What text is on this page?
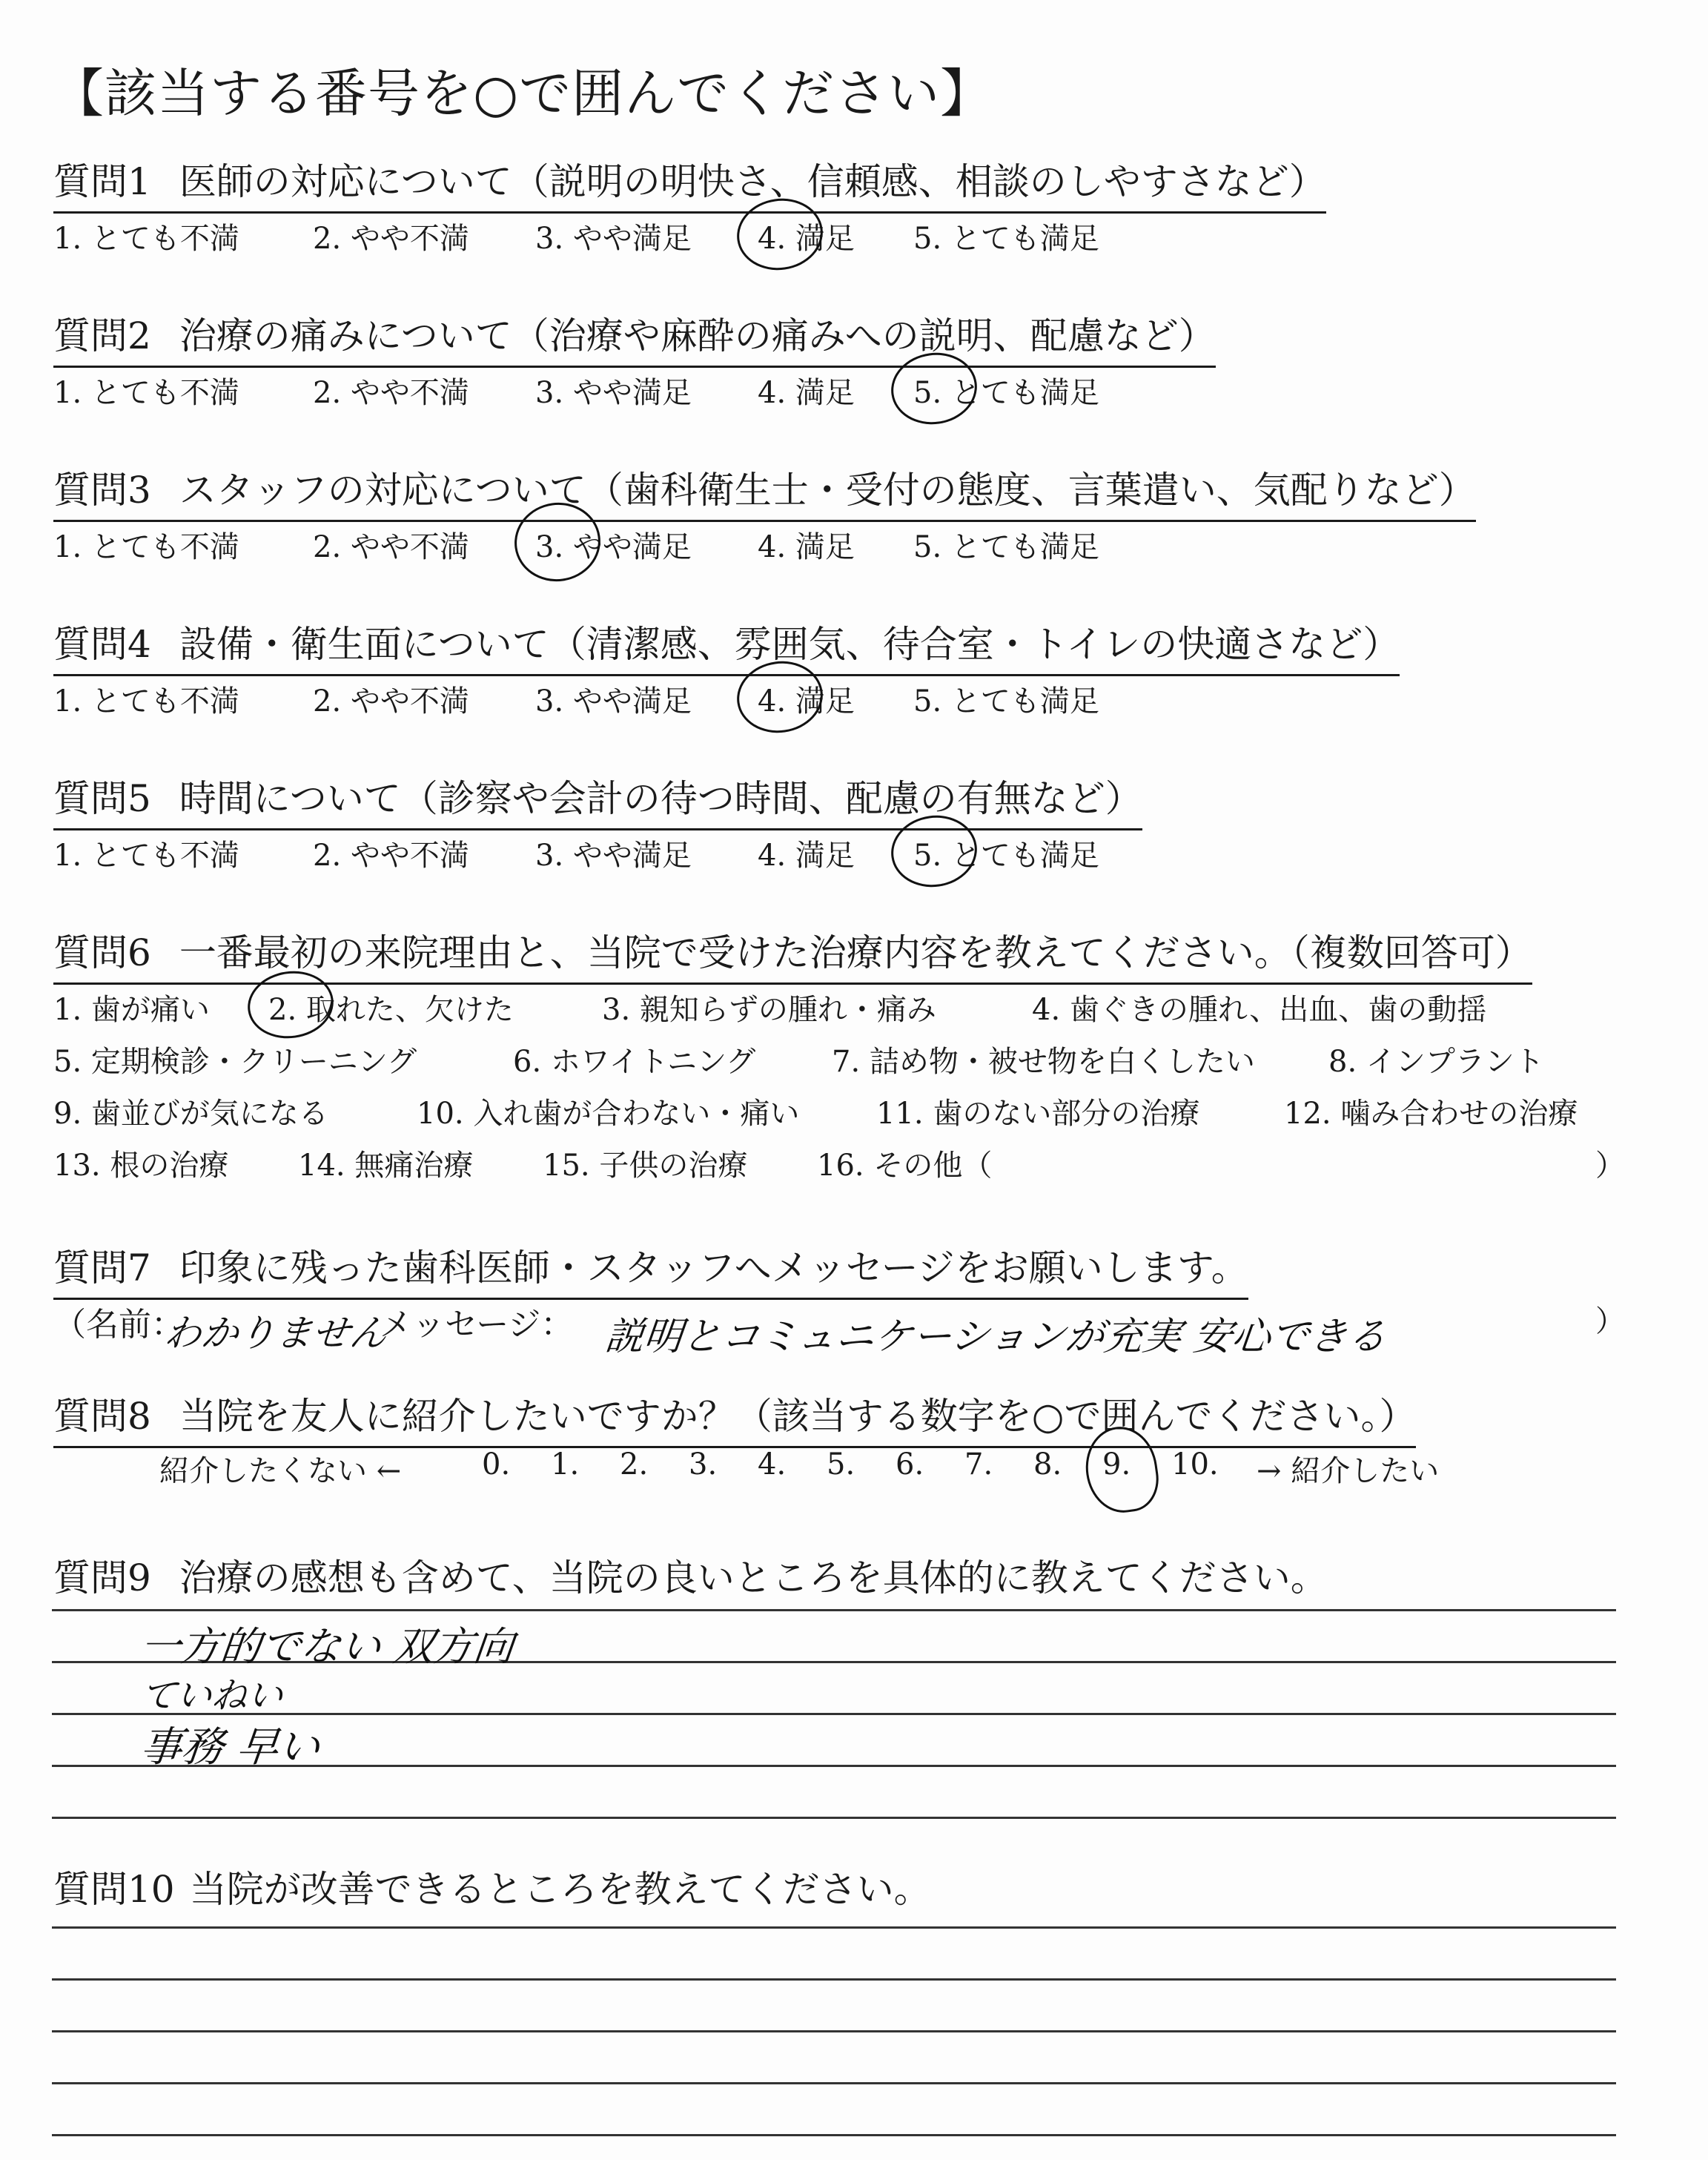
【該当する番号を○で囲んでください】
質問1 医師の対応について（説明の明快さ、信頼感、相談のしやすさなど）
1. とても不満 2. やや不満 3. やや満足 4. 満足 5. とても満足
質問2 治療の痛みについて（治療や麻酔の痛みへの説明、配慮など）
1. とても不満 2. やや不満 3. やや満足 4. 満足 5. とても満足
質問3 スタッフの対応について（歯科衛生士・受付の態度、言葉遣い、気配りなど）
1. とても不満 2. やや不満 3. やや満足 4. 満足 5. とても満足
質問4 設備・衛生面について（清潔感、雰囲気、待合室・トイレの快適さなど）
1. とても不満 2. やや不満 3. やや満足 4. 満足 5. とても満足
質問5 時間について（診察や会計の待つ時間、配慮の有無など）
1. とても不満 2. やや不満 3. やや満足 4. 満足 5. とても満足
質問6 一番最初の来院理由と、当院で受けた治療内容を教えてください。（複数回答可）
1. 歯が痛い 2. 取れた、欠けた	3. 親知らずの腫れ・痛み	4. 歯ぐきの腫れ、出血、歯の動揺
5. 定期検診・クリーニング	6. ホワイトニング	7. 詰め物・被せ物を白くしたい 8. インプラント
9. 歯並びが気になる	10. 入れ歯が合わない・痛い	11. 歯のない部分の治療	12. 噛み合わせの治療
13. 根の治療 14. 無痛治療 15. 子供の治療 16. その他（	）
質問7 印象に残った歯科医師・スタッフへメッセージをお願いします。
（名前：
わかりません
メッセージ： 説明とコミュニケーションが充実 安心できる	）
質問8 当院を友人に紹介したいですか？（該当する数字を○で囲んでください。）
紹介したくない ←	0. 1. 2. 3. 4. 5. 6. 7. 8. 9. 10. → 紹介したい
質問9 治療の感想も含めて、当院の良いところを具体的に教えてください。
一方的でない 双方向
ていねい
事務 早い
質問10 当院が改善できるところを教えてください。
